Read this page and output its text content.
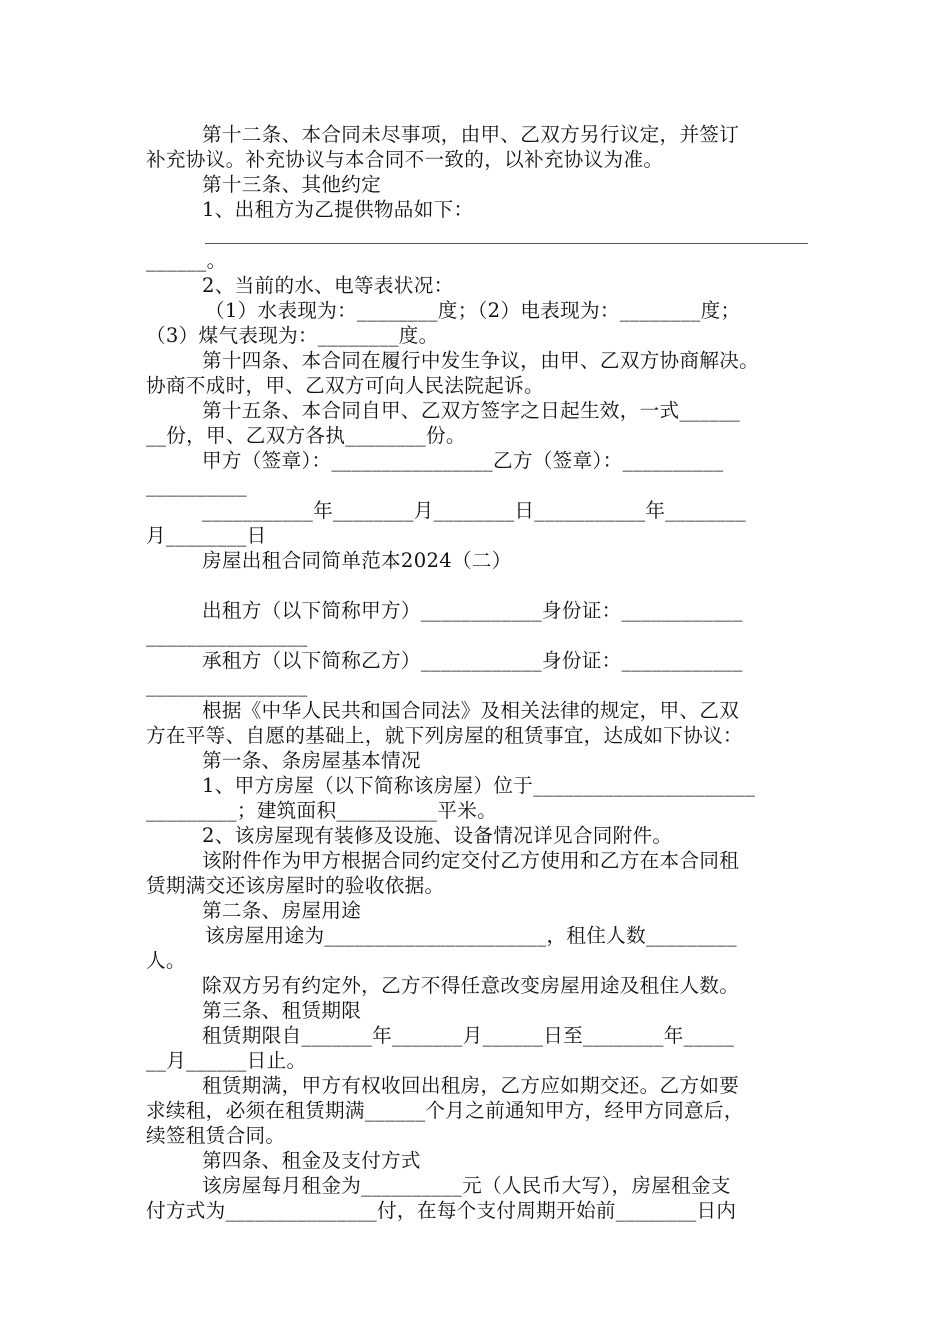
第十二条、本合同未尽事项，由甲、乙双方另行议定，并签订
补充协议。补充协议与本合同不一致的，以补充协议为准。
第十三条、其他约定
1、出租方为乙提供物品如下：
______。
2、当前的水、电等表状况：
（1）水表现为：________度；（2）电表现为：________度；
（3）煤气表现为：________度。
第十四条、本合同在履行中发生争议，由甲、乙双方协商解决。
协商不成时，甲、乙双方可向人民法院起诉。
第十五条、本合同自甲、乙双方签字之日起生效，一式______
__份，甲、乙双方各执________份。
甲方（签章）：________________乙方（签章）：__________
__________
___________年________月________日___________年________
月________日
房屋出租合同简单范本2024（二）
出租方（以下简称甲方）____________身份证：____________
________________
承租方（以下简称乙方）____________身份证：____________
________________
根据《中华人民共和国合同法》及相关法律的规定，甲、乙双
方在平等、自愿的基础上，就下列房屋的租赁事宜，达成如下协议：
第一条、条房屋基本情况
1、甲方房屋（以下简称该房屋）位于______________________
_________；建筑面积__________平米。
2、该房屋现有装修及设施、设备情况详见合同附件。
该附件作为甲方根据合同约定交付乙方使用和乙方在本合同租
赁期满交还该房屋时的验收依据。
第二条、房屋用途
该房屋用途为______________________，租住人数_________
人。
除双方另有约定外，乙方不得任意改变房屋用途及租住人数。
第三条、租赁期限
租赁期限自_______年_______月______日至________年_____
__月______日止。
租赁期满，甲方有权收回出租房，乙方应如期交还。乙方如要
求续租，必须在租赁期满______个月之前通知甲方，经甲方同意后，
续签租赁合同。
第四条、租金及支付方式
该房屋每月租金为__________元（人民币大写），房屋租金支
付方式为_______________付，在每个支付周期开始前________日内
